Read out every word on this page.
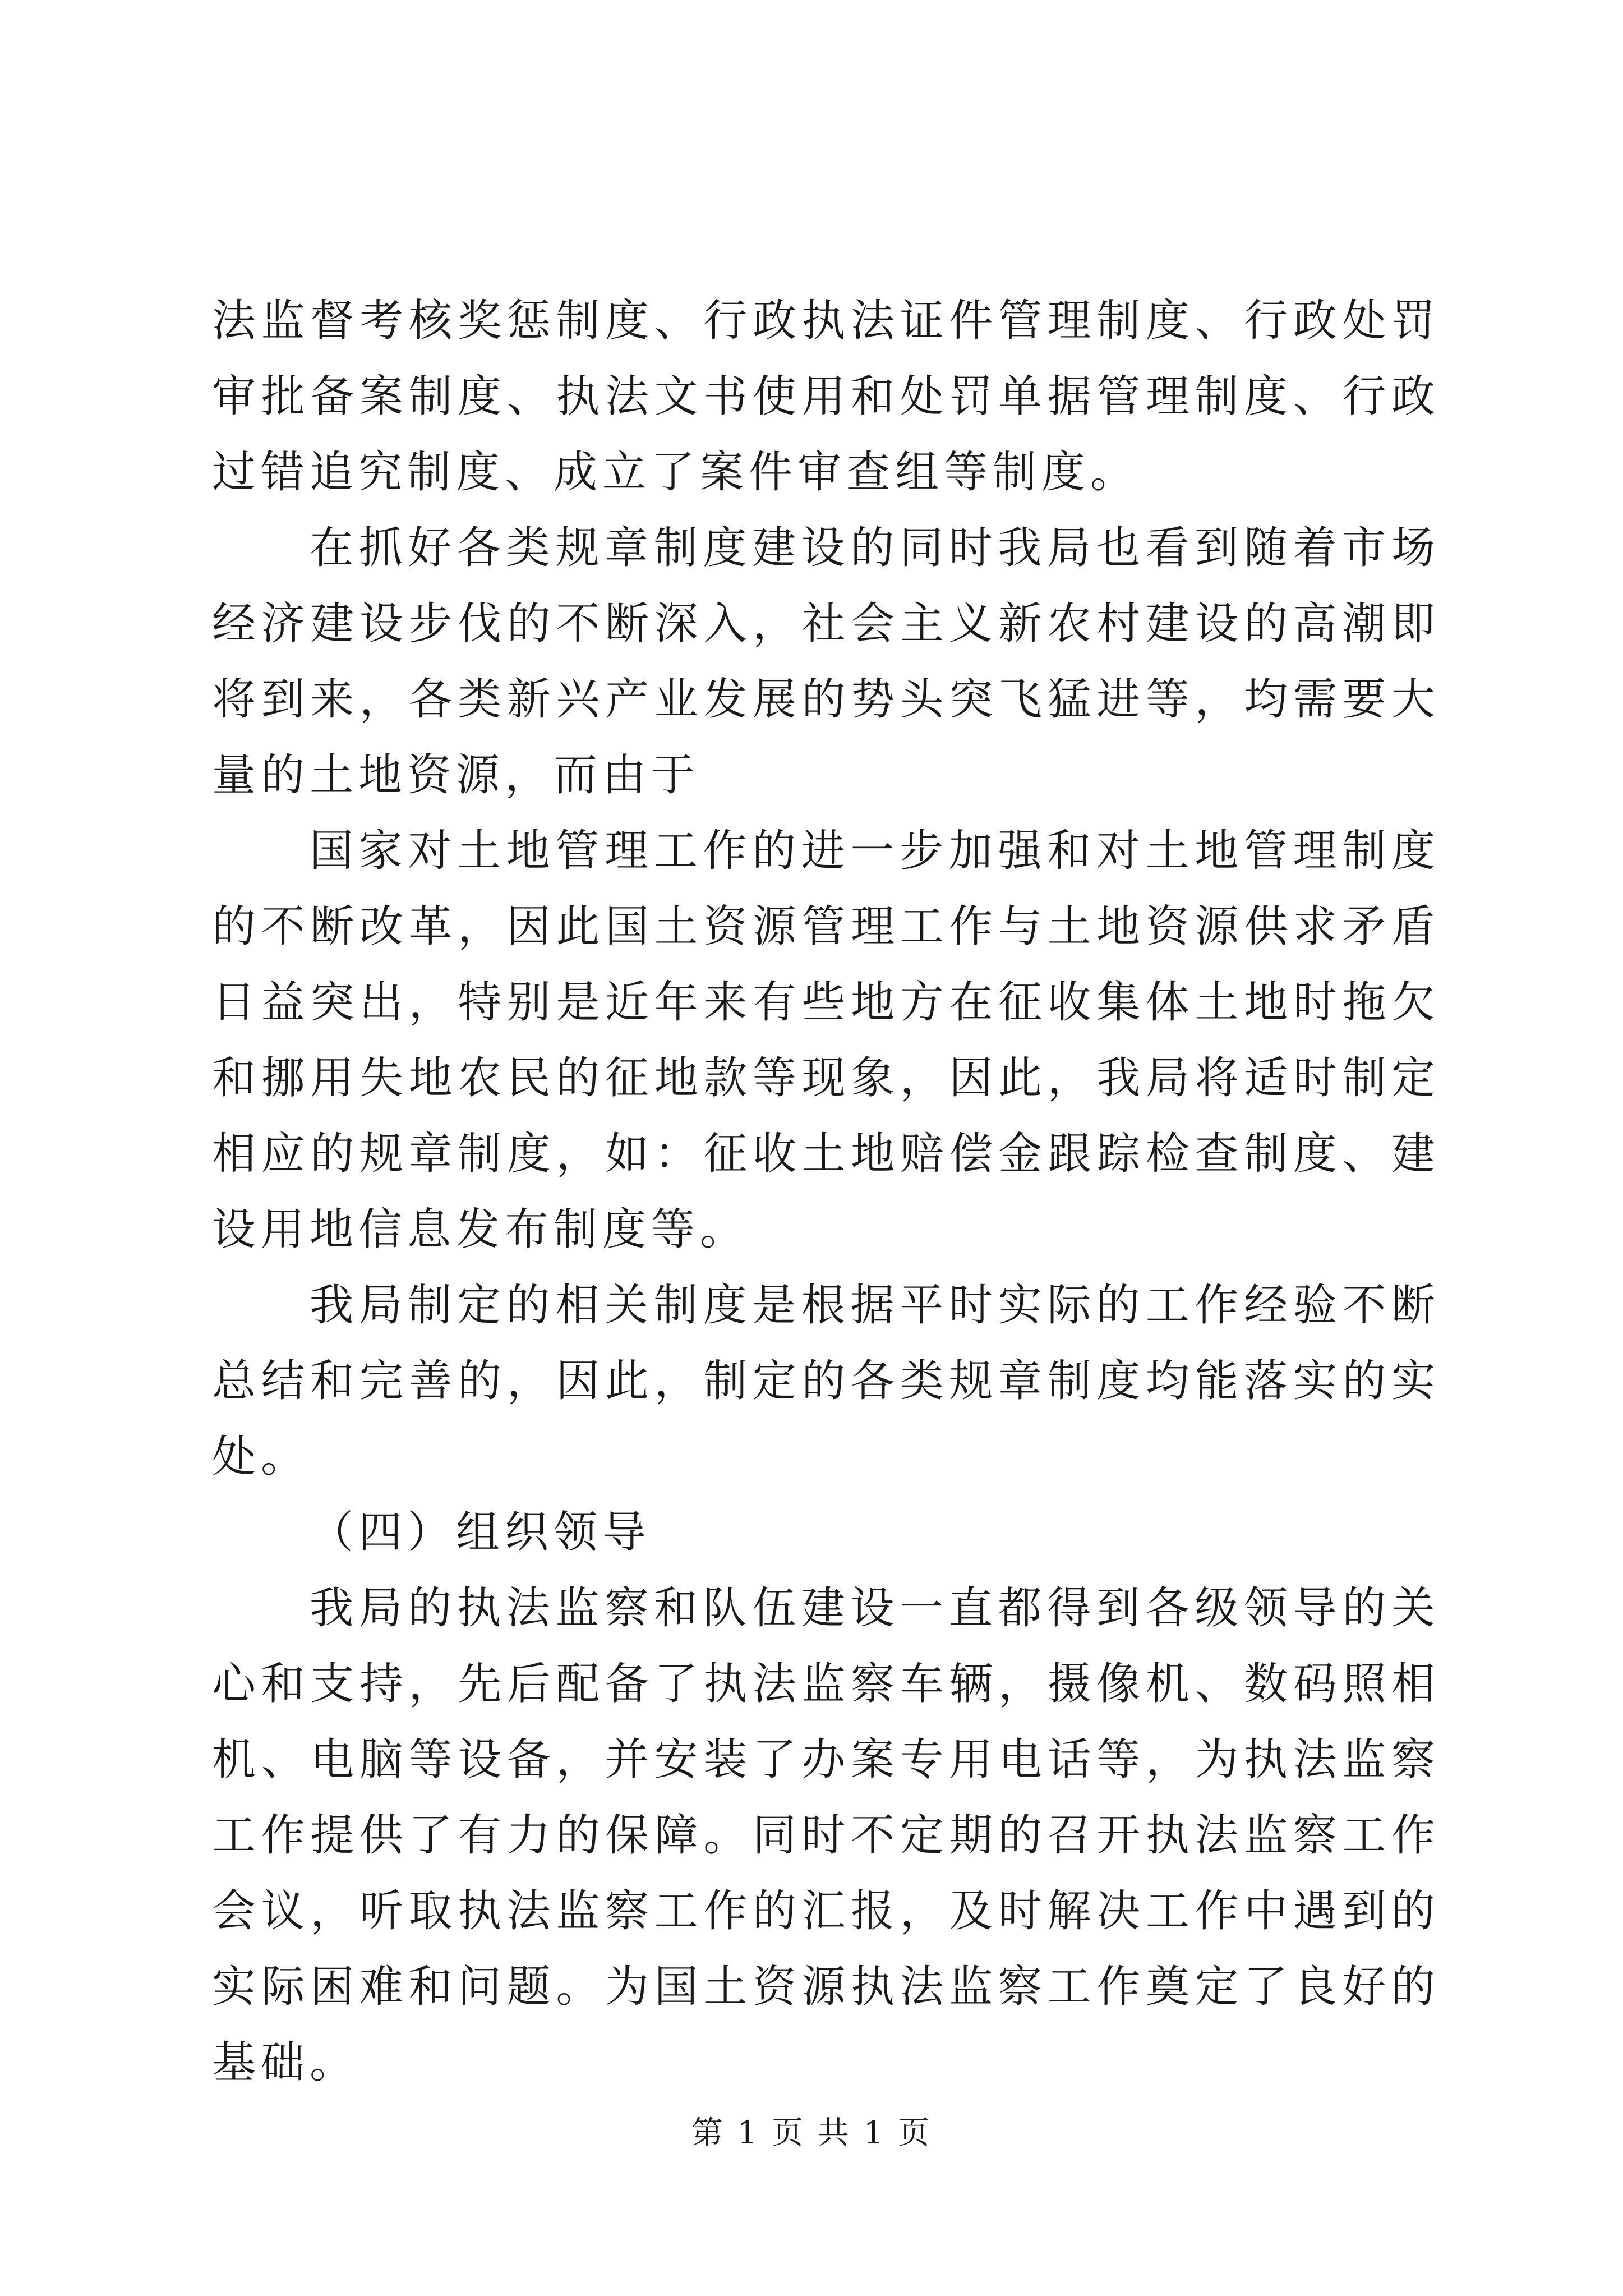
法监督考核奖惩制度、行政执法证件管理制度、行政处罚审批备案制度、执法文书使用和处罚单据管理制度、行政过错追究制度、成立了案件审查组等制度。

在抓好各类规章制度建设的同时我局也看到随着市场经济建设步伐的不断深入，社会主义新农村建设的高潮即将到来，各类新兴产业发展的势头突飞猛进等，均需要大量的土地资源，而由于

国家对土地管理工作的进一步加强和对土地管理制度的不断改革，因此国土资源管理工作与土地资源供求矛盾日益突出，特别是近年来有些地方在征收集体土地时拖欠和挪用失地农民的征地款等现象，因此，我局将适时制定相应的规章制度，如：征收土地赔偿金跟踪检查制度、建设用地信息发布制度等。

我局制定的相关制度是根据平时实际的工作经验不断总结和完善的，因此，制定的各类规章制度均能落实的实处。

（四）组织领导

我局的执法监察和队伍建设一直都得到各级领导的关心和支持，先后配备了执法监察车辆，摄像机、数码照相机、电脑等设备，并安装了办案专用电话等，为执法监察工作提供了有力的保障。同时不定期的召开执法监察工作会议，听取执法监察工作的汇报，及时解决工作中遇到的实际困难和问题。为国土资源执法监察工作奠定了良好的基础。

第 1 页 共 1 页
